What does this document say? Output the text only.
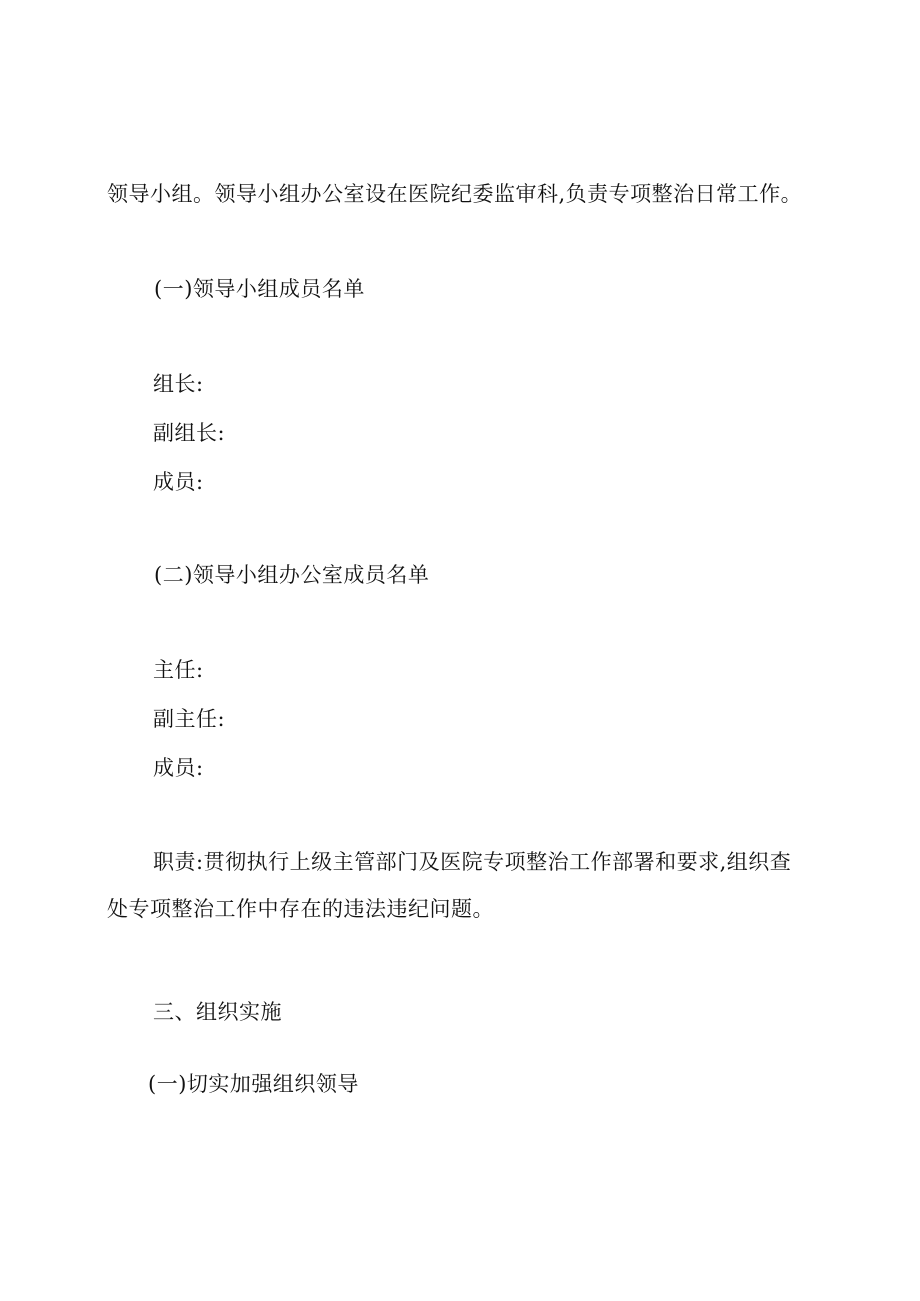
领导小组。领导小组办公室设在医院纪委监审科,负责专项整治日常工作。
(一)领导小组成员名单
组长:
副组长:
成员:
(二)领导小组办公室成员名单
主任:
副主任:
成员:
职责:贯彻执行上级主管部门及医院专项整治工作部署和要求,组织查
处专项整治工作中存在的违法违纪问题。
三、组织实施
(一)切实加强组织领导
